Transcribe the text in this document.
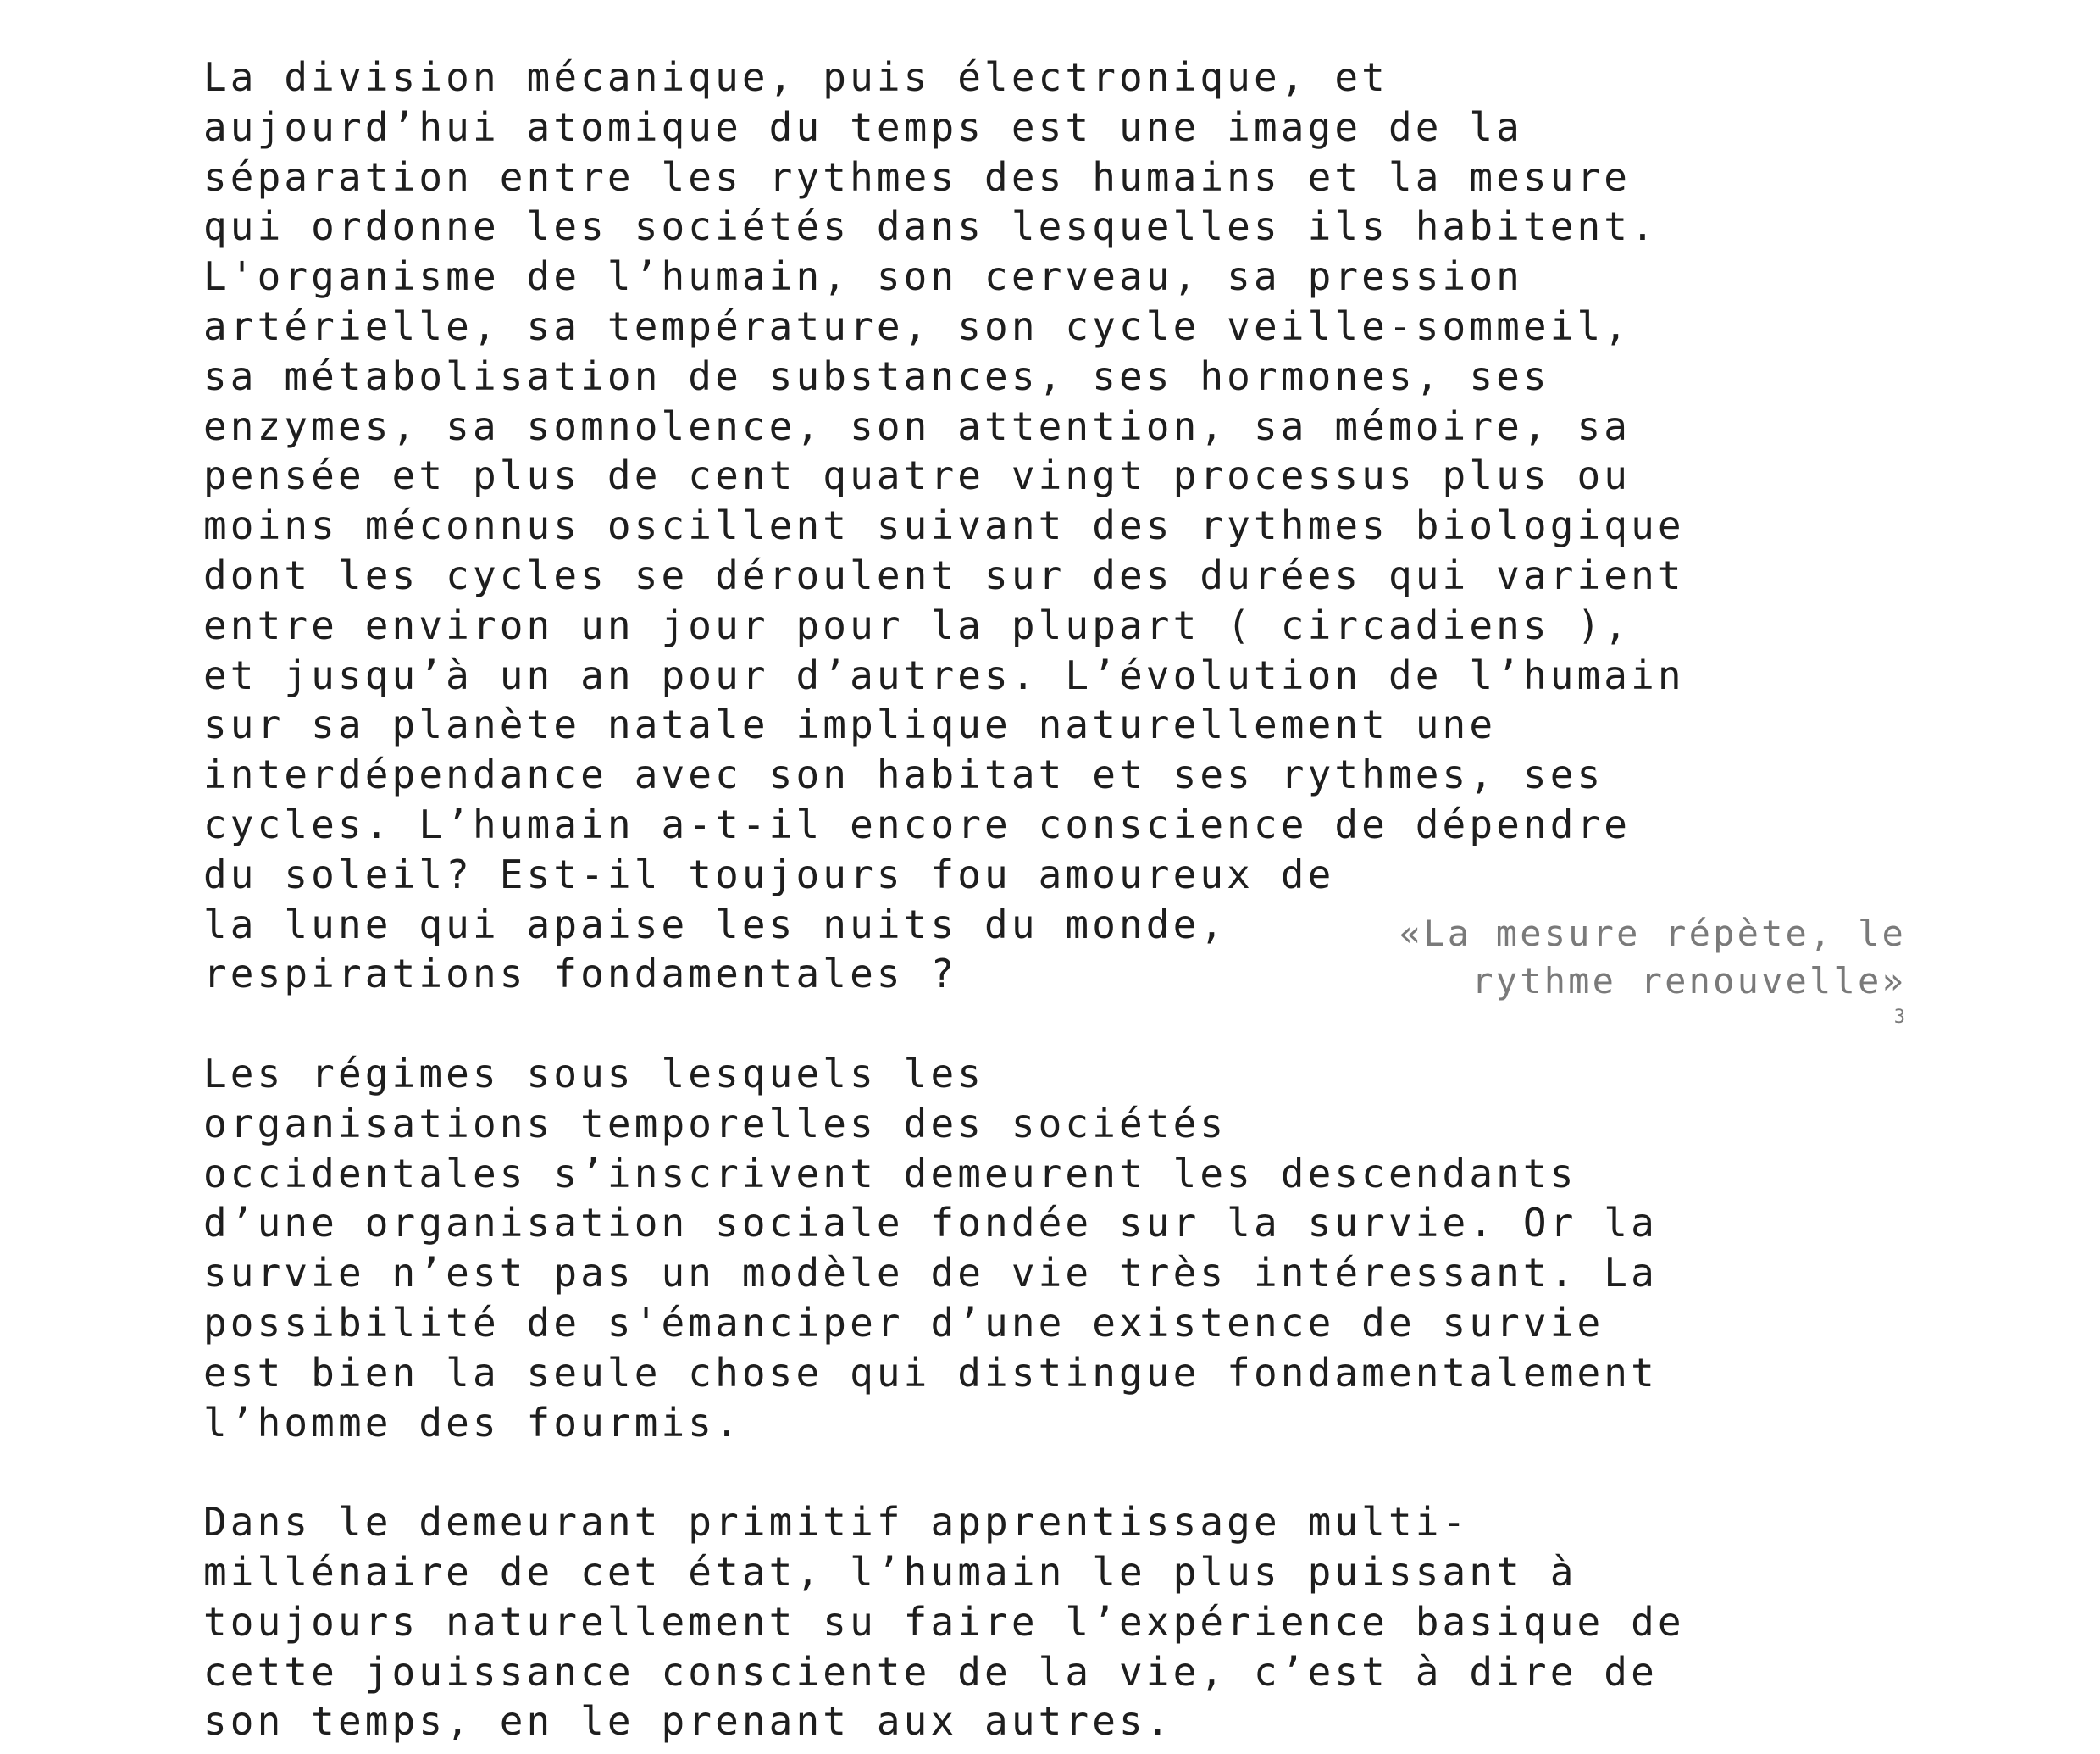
La division mécanique, puis électronique, et
aujourd’hui atomique du temps est une image de la
séparation entre les rythmes des humains et la mesure
qui ordonne les sociétés dans lesquelles ils habitent.
L'organisme de l’humain, son cerveau, sa pression
artérielle, sa température, son cycle veille-sommeil,
sa métabolisation de substances, ses hormones, ses
enzymes, sa somnolence, son attention, sa mémoire, sa
pensée et plus de cent quatre vingt processus plus ou
moins méconnus oscillent suivant des rythmes biologique
dont les cycles se déroulent sur des durées qui varient
entre environ un jour pour la plupart ( circadiens ),
et jusqu’à un an pour d’autres. L’évolution de l’humain
sur sa planète natale implique naturellement une
interdépendance avec son habitat et ses rythmes, ses
cycles. L’humain a-t-il encore conscience de dépendre
du soleil? Est-il toujours fou amoureux de
la lune qui apaise les nuits du monde,
respirations fondamentales ?
Les régimes sous lesquels les
organisations temporelles des sociétés
occidentales s’inscrivent demeurent les descendants
d’une organisation sociale fondée sur la survie. Or la
survie n’est pas un modèle de vie très intéressant. La
possibilité de s'émanciper d’une existence de survie
est bien la seule chose qui distingue fondamentalement
l’homme des fourmis.
Dans le demeurant primitif apprentissage multi-
millénaire de cet état, l’humain le plus puissant à
toujours naturellement su faire l’expérience basique de
cette jouissance consciente de la vie, c’est à dire de
son temps, en le prenant aux autres.
«La mesure répète, le
rythme renouvelle»
3
